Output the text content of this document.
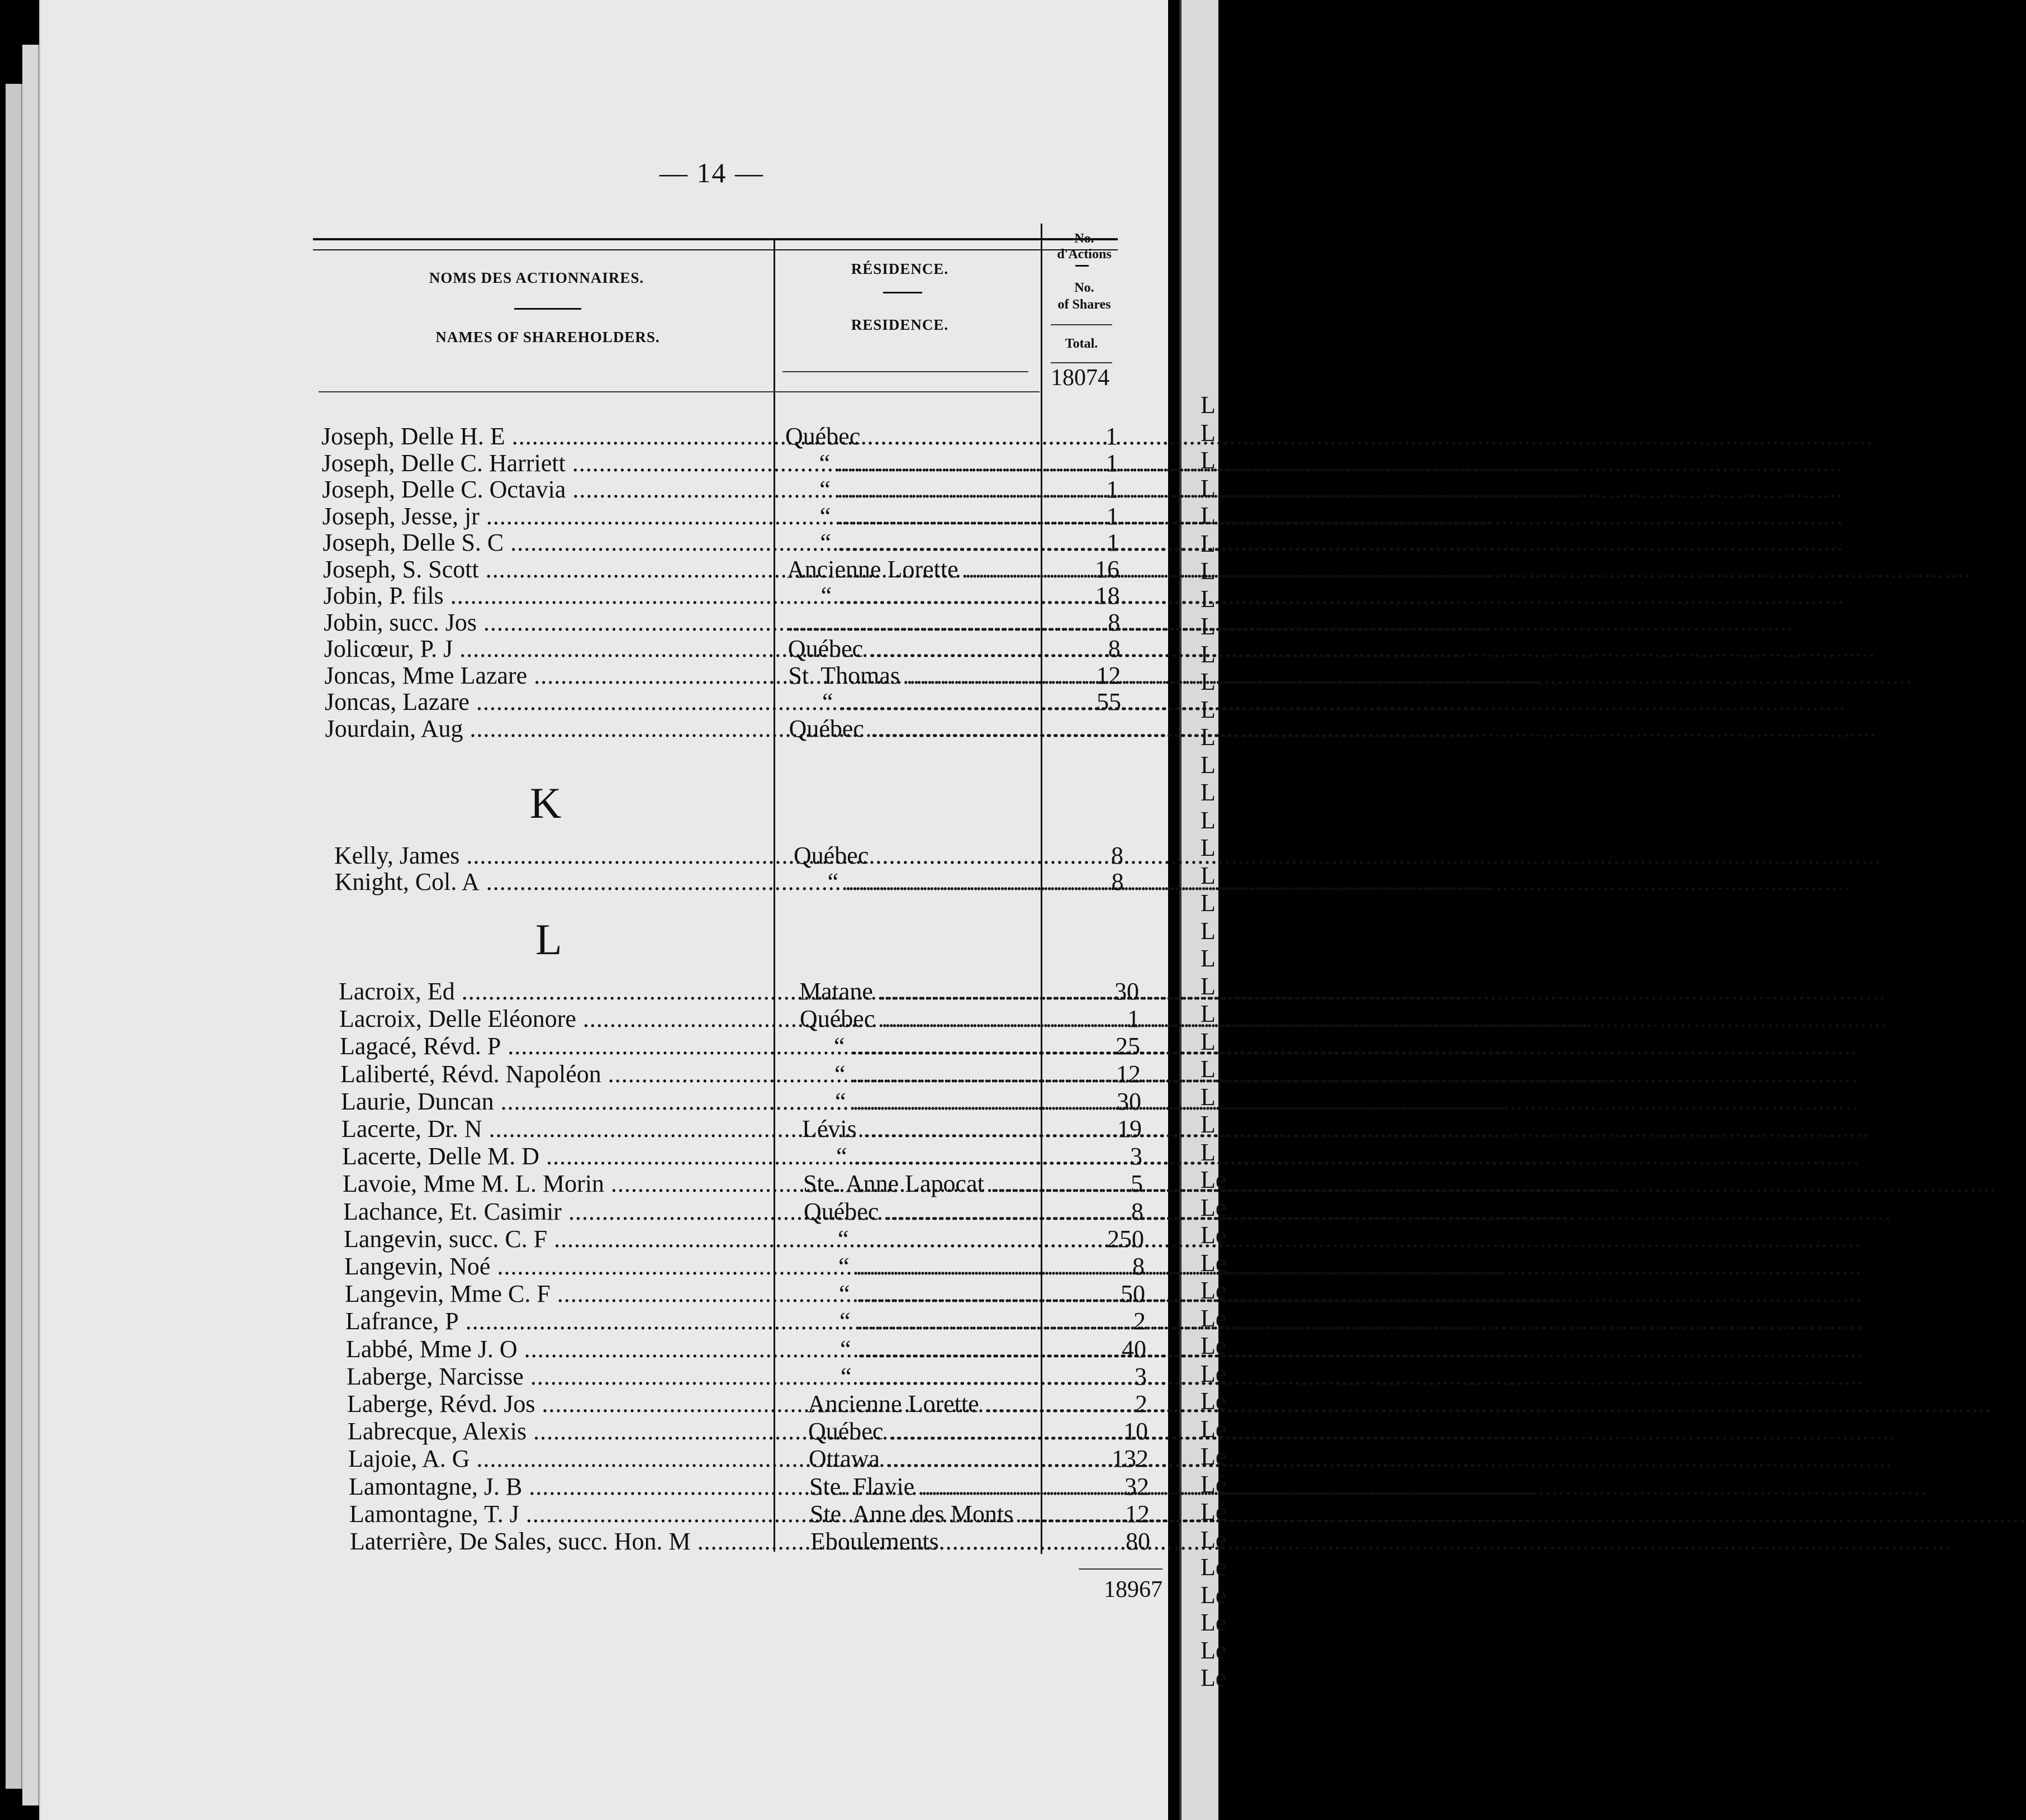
L
L
L
L
L
L
L
L
L
L
L
L
L
L
L
L
L
L
L
L
L
L
L
L
L
L
L
L
Le
Le
Le
Le
Le
Le
Le
Le
Le
Le
Le
Lé
Lé
Le
Le
Le
Le
Le
Le
— 14 —
NOMS DES ACTIONNAIRES.
NAMES OF SHAREHOLDERS.
RÉSIDENCE.
RESIDENCE.
No.
d'Actions
No.
of Shares
Total.
18074
Joseph, Delle H. E .....	Québec .....	1
Joseph, Delle C. Harriett .....	“ .....	1
Joseph, Delle C. Octavia .....	“ .....	1
Joseph, Jesse, jr .....	“ .....	1
Joseph, Delle S. C .....	“ .....	1
Joseph, S. Scott .....	Ancienne Lorette .....	16
Jobin, P. fils .....	“ .....	18
Jobin, succ. Jos ..... .....	8
Jolicœur, P. J .....	Québec .....	8
Joncas, Mme Lazare .....	St. Thomas .....	12
Joncas, Lazare .....	“ .....	55
Jourdain, Aug .....	Québec .....
Kelly, James .....	Québec .....	8
Knight, Col. A .....	“ .....	8
Lacroix, Ed .....	Matane .....	30
Lacroix, Delle Eléonore .....	Québec .....	1
Lagacé, Révd. P .....	“ .....	25
Laliberté, Révd. Napoléon .....	“ .....	12
Laurie, Duncan .....	“ .....	30
Lacerte, Dr. N .....	Lévis .....	19
Lacerte, Delle M. D .....	“ .....	3
Lavoie, Mme M. L. Morin .....	Ste. Anne Lapocat .....	5
Lachance, Et. Casimir .....	Québec .....	8
Langevin, succ. C. F .....	“ .....	250
Langevin, Noé .....	“ .....	8
Langevin, Mme C. F .....	“ .....	50
Lafrance, P .....	“ .....	2
Labbé, Mme J. O .....	“ .....	40
Laberge, Narcisse .....	“ .....	3
Laberge, Révd. Jos .....	Ancienne Lorette .....	2
Labrecque, Alexis .....	Québec .....	10
Lajoie, A. G .....	Ottawa .....	132
Lamontagne, J. B .....	Ste. Flavie .....	32
Lamontagne, T. J .....	Ste. Anne des Monts .....	12
Laterrière, De Sales, succ. Hon. M .....	Eboulements .....	80
K
L
18967
